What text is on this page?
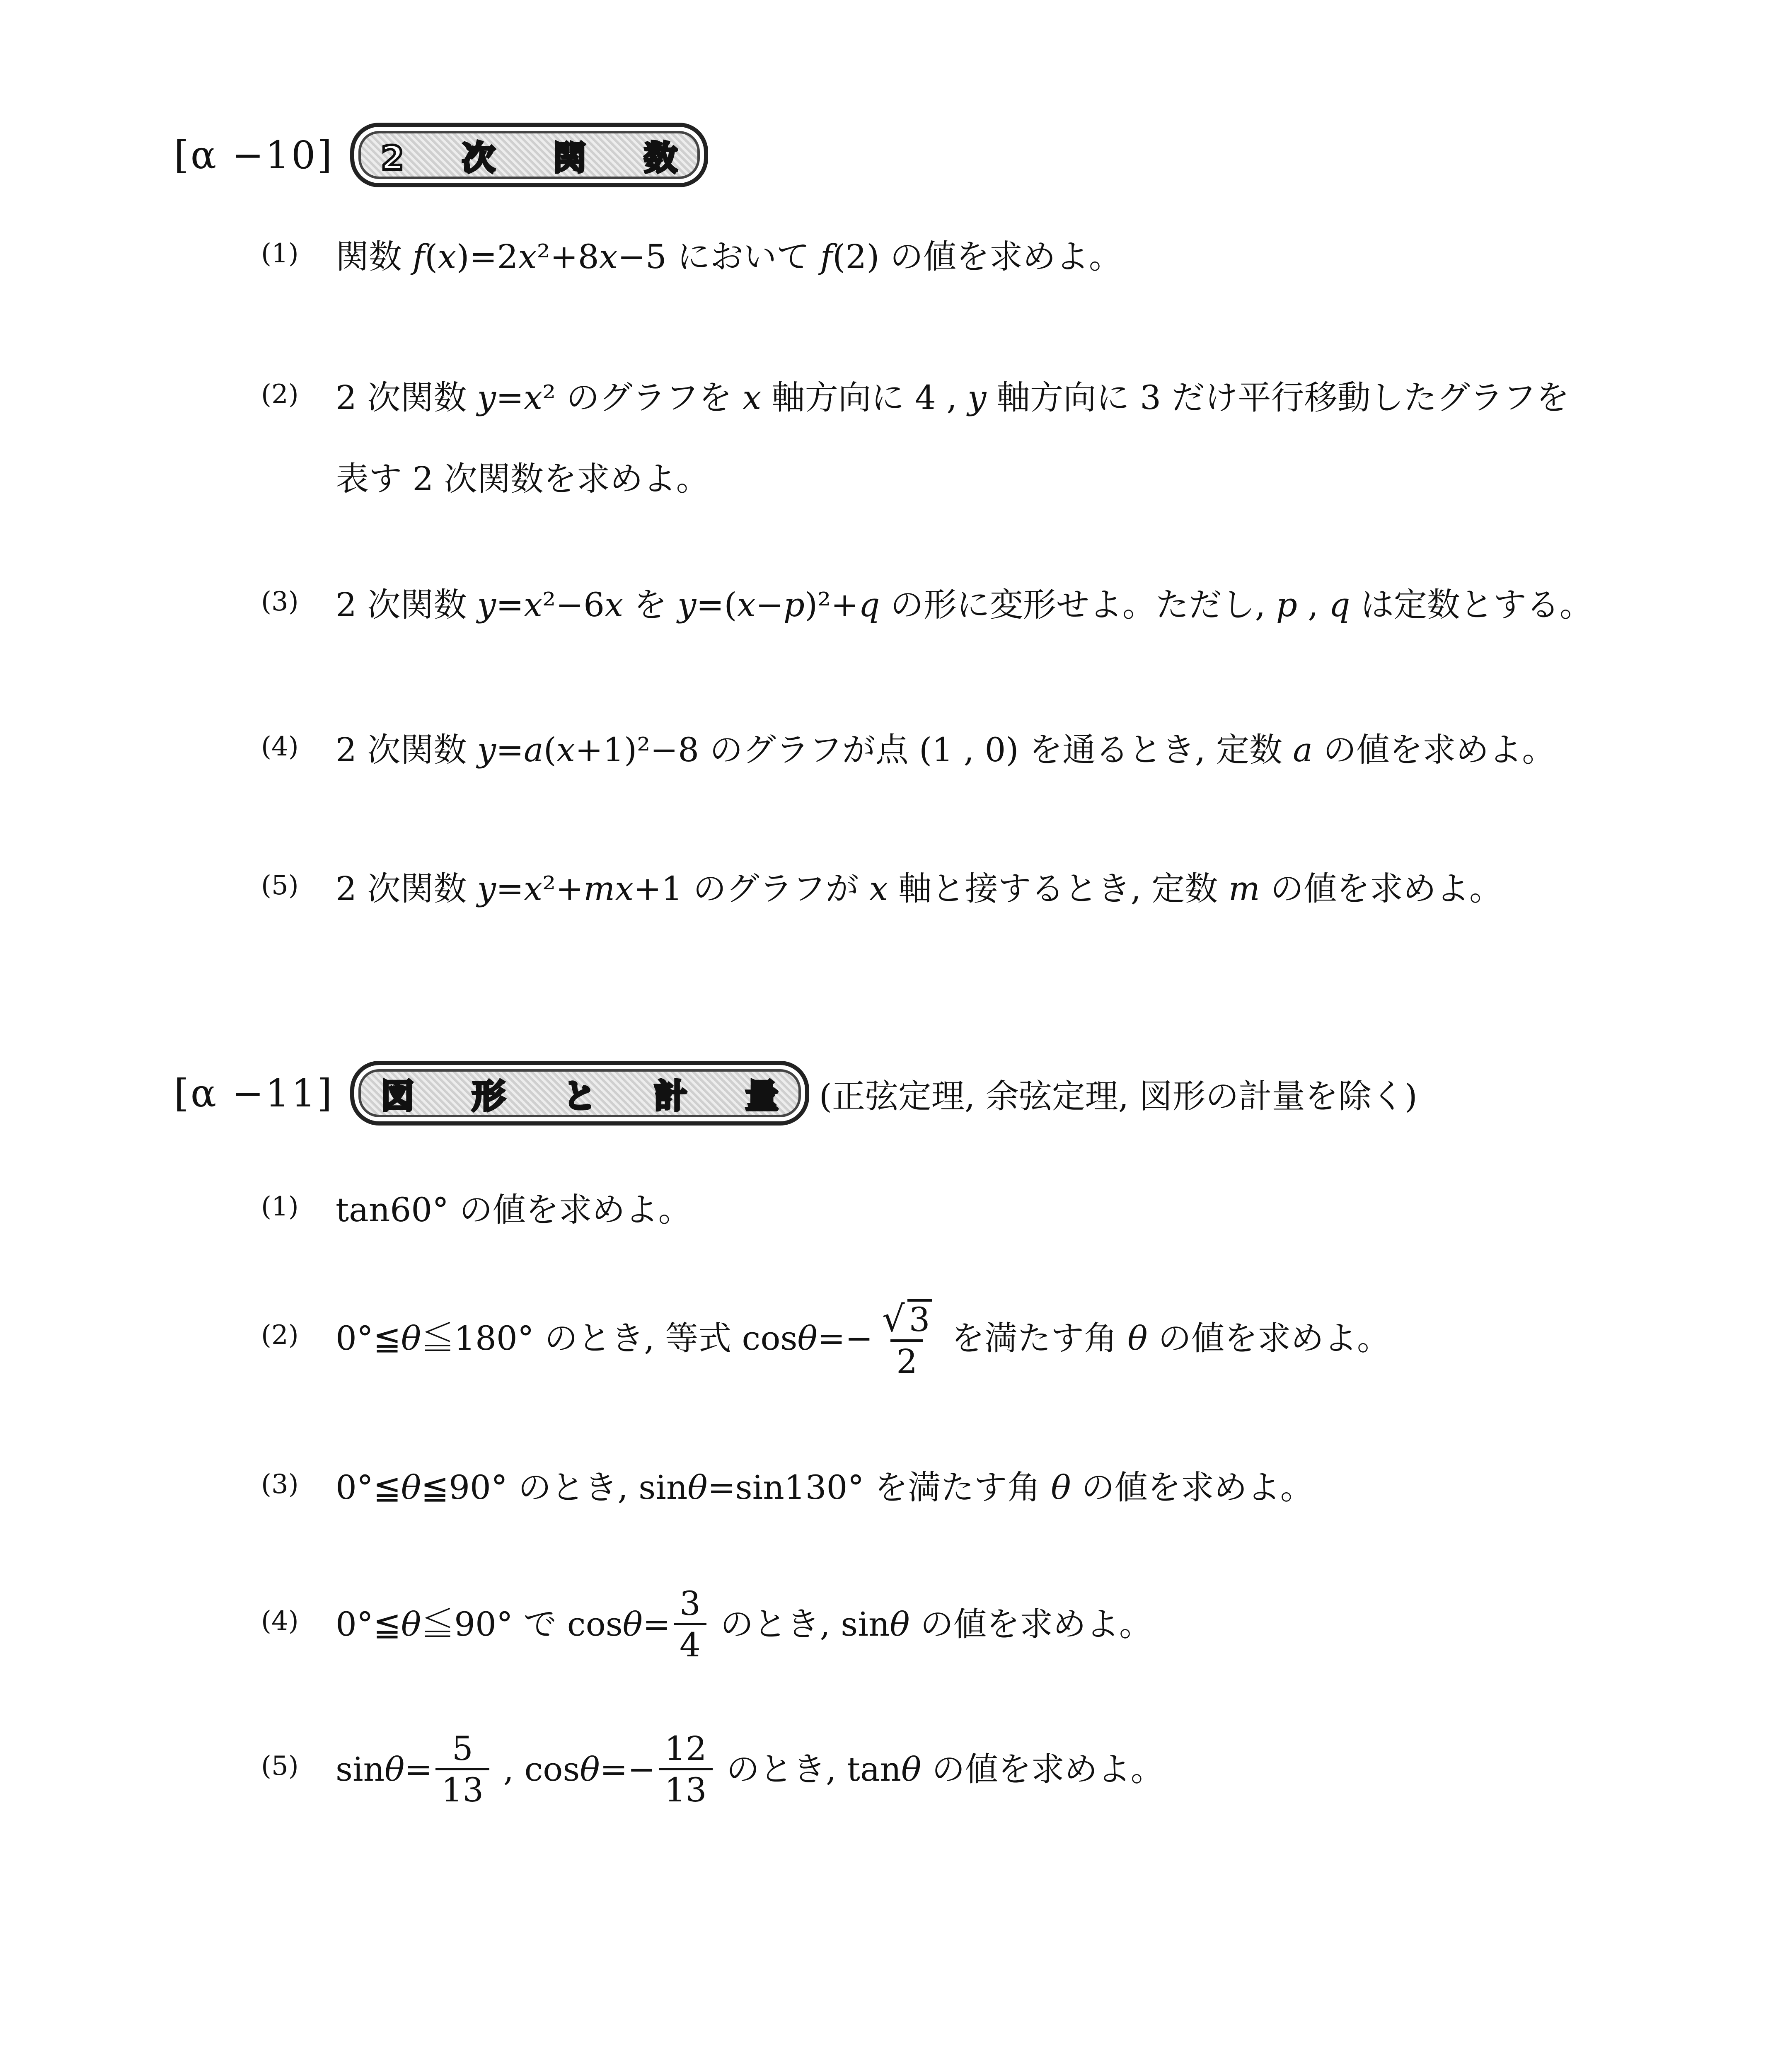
[α −10] 2 次 関 数
(1) 関数 f(x)=2x²+8x−5 において f(2) の値を求めよ。
(2) 2 次関数 y=x² のグラフを x 軸方向に 4 , y 軸方向に 3 だけ平行移動したグラフを
表す 2 次関数を求めよ。
(3) 2 次関数 y=x²−6x を y=(x−p)²+q の形に変形せよ。ただし, p , q は定数とする。
(4) 2 次関数 y=a(x+1)²−8 のグラフが点 (1 , 0) を通るとき, 定数 a の値を求めよ。
(5) 2 次関数 y=x²+mx+1 のグラフが x 軸と接するとき, 定数 m の値を求めよ。
[α −11] 図 形 と 計 量 (正弦定理, 余弦定理, 図形の計量を除く)
(1) tan60° の値を求めよ。
(2) 0°≦ θ ≦180° のとき, 等式 $\cos \theta =- \frac{√ 3}{2}$ を満たす角 θ の値を求めよ。
(3) 0°≦θ≦90° のとき, sinθ=sin130° を満たす角 θ の値を求めよ。
(4) 0°≦ θ ≦90° で $\cos \theta = \frac{3}{4}$ のとき, sin θ の値を求めよ。
(5) $\sin \theta = \frac{5}{13}$ , $\cos \theta =- \frac{12}{13}$ のとき, tan θ の値を求めよ。
